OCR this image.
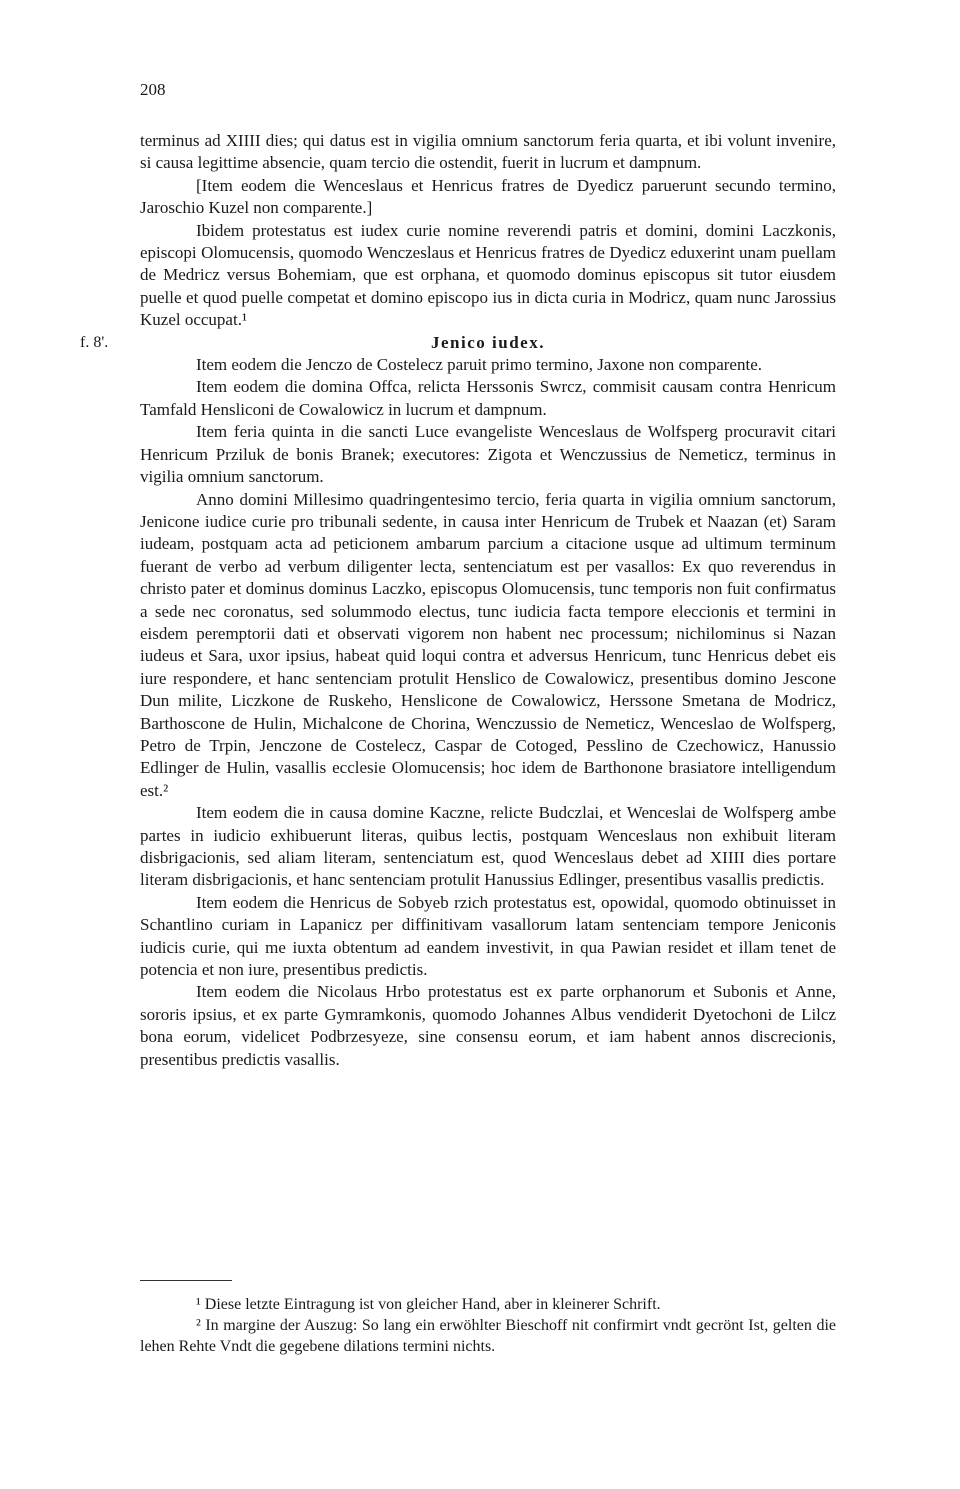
208

terminus ad XIIII dies; qui datus est in vigilia omnium sanctorum feria quarta, et ibi volunt invenire, si causa legittime absencie, quam tercio die ostendit, fuerit in lucrum et dampnum.

[Item eodem die Wenceslaus et Henricus fratres de Dyedicz paruerunt secundo termino, Jaroschio Kuzel non comparente.]

Ibidem protestatus est iudex curie nomine reverendi patris et domini, domini Laczkonis, episcopi Olomucensis, quomodo Wenczeslaus et Henricus fratres de Dyedicz eduxerint unam puellam de Medricz versus Bohemiam, que est orphana, et quomodo dominus episcopus sit tutor eiusdem puelle et quod puelle competat et domino episcopo ius in dicta curia in Modricz, quam nunc Jarossius Kuzel occupat.¹

f. 8'.	Jenico iudex.

Item eodem die Jenczo de Costelecz paruit primo termino, Jaxone non comparente.

Item eodem die domina Offca, relicta Herssonis Swrcz, commisit causam contra Henricum Tamfald Hensliconi de Cowalowicz in lucrum et dampnum.

Item feria quinta in die sancti Luce evangeliste Wenceslaus de Wolfsperg procuravit citari Henricum Prziluk de bonis Branek; executores: Zigota et Wenczussius de Nemeticz, terminus in vigilia omnium sanctorum.

Anno domini Millesimo quadringentesimo tercio, feria quarta in vigilia omnium sanctorum, Jenicone iudice curie pro tribunali sedente, in causa inter Henricum de Trubek et Naazan (et) Saram iudeam, postquam acta ad peticionem ambarum parcium a citacione usque ad ultimum terminum fuerant de verbo ad verbum diligenter lecta, sentenciatum est per vasallos: Ex quo reverendus in christo pater et dominus dominus Laczko, episcopus Olomucensis, tunc temporis non fuit confirmatus a sede nec coronatus, sed solummodo electus, tunc iudicia facta tempore eleccionis et termini in eisdem peremptorii dati et observati vigorem non habent nec processum; nichilominus si Nazan iudeus et Sara, uxor ipsius, habeat quid loqui contra et adversus Henricum, tunc Henricus debet eis iure respondere, et hanc sentenciam protulit Henslico de Cowalowicz, presentibus domino Jescone Dun milite, Liczkone de Ruskeho, Henslicone de Cowalowicz, Herssone Smetana de Modricz, Barthoscone de Hulin, Michalcone de Chorina, Wenczussio de Nemeticz, Wenceslao de Wolfsperg, Petro de Trpin, Jenczone de Costelecz, Caspar de Cotoged, Pesslino de Czechowicz, Hanussio Edlinger de Hulin, vasallis ecclesie Olomucensis; hoc idem de Barthonone brasiatore intelligendum est.²

Item eodem die in causa domine Kaczne, relicte Budczlai, et Wenceslai de Wolfsperg ambe partes in iudicio exhibuerunt literas, quibus lectis, postquam Wenceslaus non exhibuit literam disbrigacionis, sed aliam literam, sentenciatum est, quod Wenceslaus debet ad XIIII dies portare literam disbrigacionis, et hanc sentenciam protulit Hanussius Edlinger, presentibus vasallis predictis.

Item eodem die Henricus de Sobyeb rzich protestatus est, opowidal, quomodo obtinuisset in Schantlino curiam in Lapanicz per diffinitivam vasallorum latam sentenciam tempore Jeniconis iudicis curie, qui me iuxta obtentum ad eandem investivit, in qua Pawian residet et illam tenet de potencia et non iure, presentibus predictis.

Item eodem die Nicolaus Hrbo protestatus est ex parte orphanorum et Subonis et Anne, sororis ipsius, et ex parte Gymramkonis, quomodo Johannes Albus vendiderit Dyetochoni de Lilcz bona eorum, videlicet Podbrzesyeze, sine consensu eorum, et iam habent annos discrecionis, presentibus predictis vasallis.

¹ Diese letzte Eintragung ist von gleicher Hand, aber in kleinerer Schrift.

² In margine der Auszug: So lang ein erwöhlter Bieschoff nit confirmirt vndt gecrönt Ist, gelten die lehen Rehte Vndt die gegebene dilations termini nichts.
